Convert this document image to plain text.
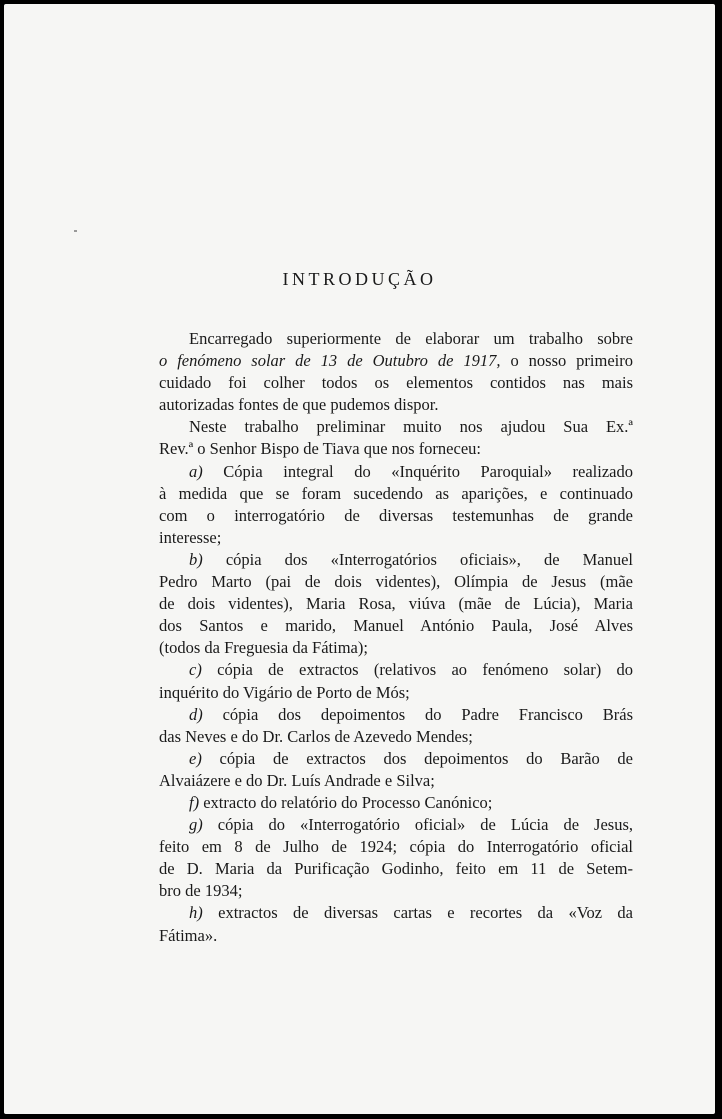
INTRODUÇÃO
Encarregado superiormente de elaborar um trabalho sobre
o fenómeno solar de 13 de Outubro de 1917, o nosso primeiro
cuidado foi colher todos os elementos contidos nas mais
autorizadas fontes de que pudemos dispor.
Neste trabalho preliminar muito nos ajudou Sua Ex.ª
Rev.ª o Senhor Bispo de Tiava que nos forneceu:
a) Cópia integral do «Inquérito Paroquial» realizado
à medida que se foram sucedendo as aparições, e continuado
com o interrogatório de diversas testemunhas de grande
interesse;
b) cópia dos «Interrogatórios oficiais», de Manuel
Pedro Marto (pai de dois videntes), Olímpia de Jesus (mãe
de dois videntes), Maria Rosa, viúva (mãe de Lúcia), Maria
dos Santos e marido, Manuel António Paula, José Alves
(todos da Freguesia da Fátima);
c) cópia de extractos (relativos ao fenómeno solar) do
inquérito do Vigário de Porto de Mós;
d) cópia dos depoimentos do Padre Francisco Brás
das Neves e do Dr. Carlos de Azevedo Mendes;
e) cópia de extractos dos depoimentos do Barão de
Alvaiázere e do Dr. Luís Andrade e Silva;
f) extracto do relatório do Processo Canónico;
g) cópia do «Interrogatório oficial» de Lúcia de Jesus,
feito em 8 de Julho de 1924; cópia do Interrogatório oficial
de D. Maria da Purificação Godinho, feito em 11 de Setem-
bro de 1934;
h) extractos de diversas cartas e recortes da «Voz da
Fátima».
